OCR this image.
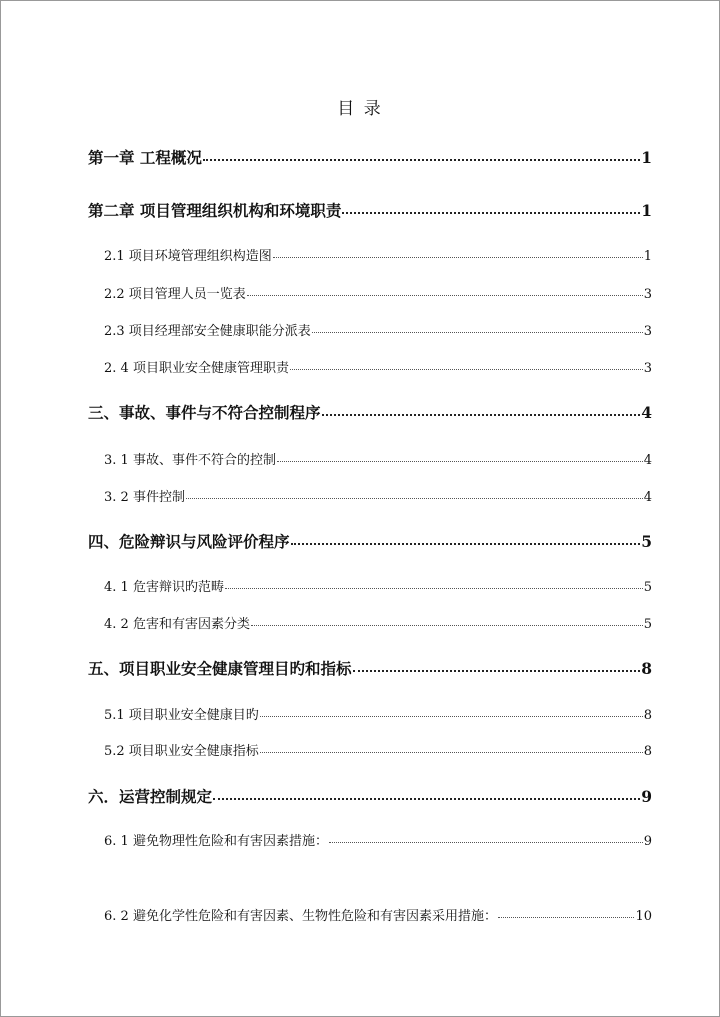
目 录
第一章 工程概况	1
第二章 项目管理组织机构和环境职责	1
2.1 项目环境管理组织构造图	1
2.2 项目管理人员一览表	3
2.3 项目经理部安全健康职能分派表	3
2. 4 项目职业安全健康管理职责	3
三、事故、事件与不符合控制程序	4
3. 1 事故、事件不符合的控制	4
3. 2 事件控制	4
四、危险辩识与风险评价程序	5
4. 1 危害辩识旳范畴	5
4. 2 危害和有害因素分类	5
五、项目职业安全健康管理目旳和指标	8
5.1 项目职业安全健康目旳	8
5.2 项目职业安全健康指标	8
六．运营控制规定	9
6. 1 避免物理性危险和有害因素措施：	9
6. 2 避免化学性危险和有害因素、生物性危险和有害因素采用措施：	10
